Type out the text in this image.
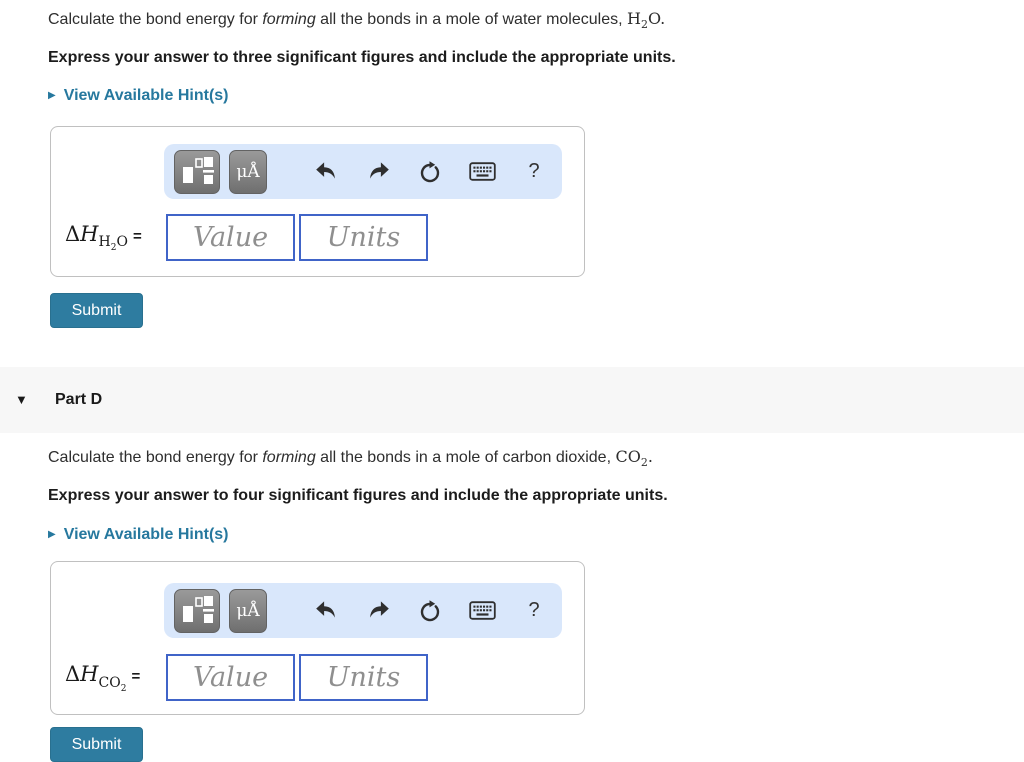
Calculate the bond energy for forming all the bonds in a mole of water molecules, $H_2O$.

Express your answer to three significant figures and include the appropriate units.

▶ View Available Hint(s)
μÅ	?
$\Delta H_{H_2O}$ =
Value
Units
Submit
▼ Part D

Calculate the bond energy for forming all the bonds in a mole of carbon dioxide, $CO_2$.

Express your answer to four significant figures and include the appropriate units.

▶ View Available Hint(s)
μÅ	?
$\Delta H_{CO_2}=$
Value
Units
Submit
